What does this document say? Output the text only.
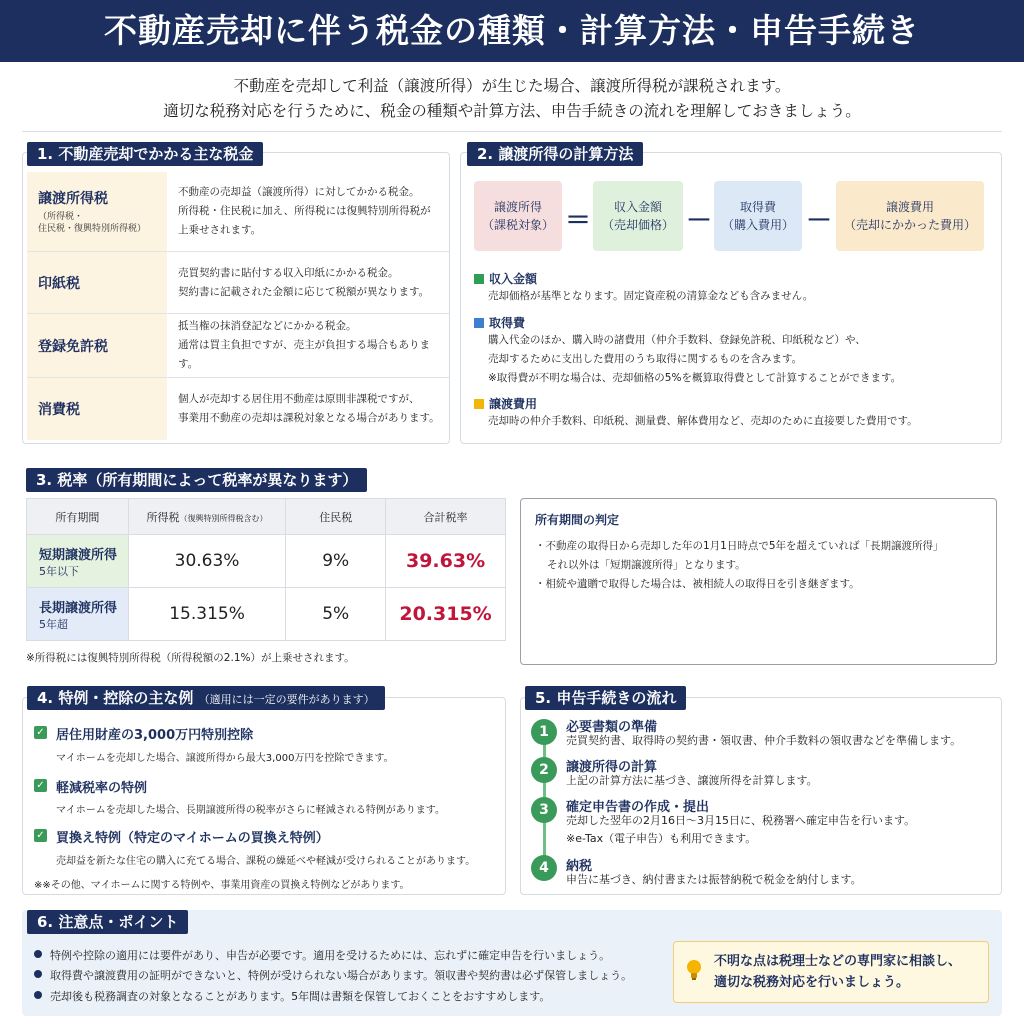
不動産売却に伴う税金の種類・計算方法・申告手続き
不動産を売却して利益（譲渡所得）が生じた場合、譲渡所得税が課税されます。
適切な税務対応を行うために、税金の種類や計算方法、申告手続きの流れを理解しておきましょう。
1. 不動産売却でかかる主な税金
譲渡所得税
（所得税・
住民税・復興特別所得税）
不動産の売却益（譲渡所得）に対してかかる税金。
所得税・住民税に加え、所得税には復興特別所得税が
上乗せされます。
印紙税
売買契約書に貼付する収入印紙にかかる税金。
契約書に記載された金額に応じて税額が異なります。
登録免許税
抵当権の抹消登記などにかかる税金。
通常は買主負担ですが、売主が負担する場合もあります。
消費税
個人が売却する居住用不動産は原則非課税ですが、
事業用不動産の売却は課税対象となる場合があります。
2. 譲渡所得の計算方法
譲渡所得
（課税対象） ＝ 収入金額
（売却価格） － 取得費
（購入費用） －	譲渡費用
（売却にかかった費用）
収入金額
売却価格が基準となります。固定資産税の清算金なども含みません。
取得費
購入代金のほか、購入時の諸費用（仲介手数料、登録免許税、印紙税など）や、
売却するために支出した費用のうち取得に関するものを含みます。
※取得費が不明な場合は、売却価格の5%を概算取得費として計算することができます。
譲渡費用
売却時の仲介手数料、印紙税、測量費、解体費用など、売却のために直接要した費用です。
3. 税率（所有期間によって税率が異なります）
所有期間	所得税（復興特別所得税含む）	住民税	合計税率
短期譲渡所得
5年以下	30.63%	9%	39.63%
長期譲渡所得
5年超	15.315%	5%	20.315%
※所得税には復興特別所得税（所得税額の2.1%）が上乗せされます。
所有期間の判定
・不動産の取得日から売却した年の1月1日時点で5年を超えていれば「長期譲渡所得」
それ以外は「短期譲渡所得」となります。
・相続や遺贈で取得した場合は、被相続人の取得日を引き継ぎます。
4. 特例・控除の主な例 （適用には一定の要件があります）
✓ 居住用財産の3,000万円特別控除
マイホームを売却した場合、譲渡所得から最大3,000万円を控除できます。
✓ 軽減税率の特例
マイホームを売却した場合、長期譲渡所得の税率がさらに軽減される特例があります。
✓ 買換え特例（特定のマイホームの買換え特例）
売却益を新たな住宅の購入に充てる場合、課税の繰延べや軽減が受けられることがあります。
※※その他、マイホームに関する特例や、事業用資産の買換え特例などがあります。
5. 申告手続きの流れ
1	必要書類の準備
売買契約書、取得時の契約書・領収書、仲介手数料の領収書などを準備します。
2	譲渡所得の計算
上記の計算方法に基づき、譲渡所得を計算します。
3	確定申告書の作成・提出
売却した翌年の2月16日～3月15日に、税務署へ確定申告を行います。
※e-Tax（電子申告）も利用できます。
4	納税
申告に基づき、納付書または振替納税で税金を納付します。
6. 注意点・ポイント
特例や控除の適用には要件があり、申告が必要です。適用を受けるためには、忘れずに確定申告を行いましょう。
取得費や譲渡費用の証明ができないと、特例が受けられない場合があります。領収書や契約書は必ず保管しましょう。
売却後も税務調査の対象となることがあります。5年間は書類を保管しておくことをおすすめします。
不明な点は税理士などの専門家に相談し、
適切な税務対応を行いましょう。
